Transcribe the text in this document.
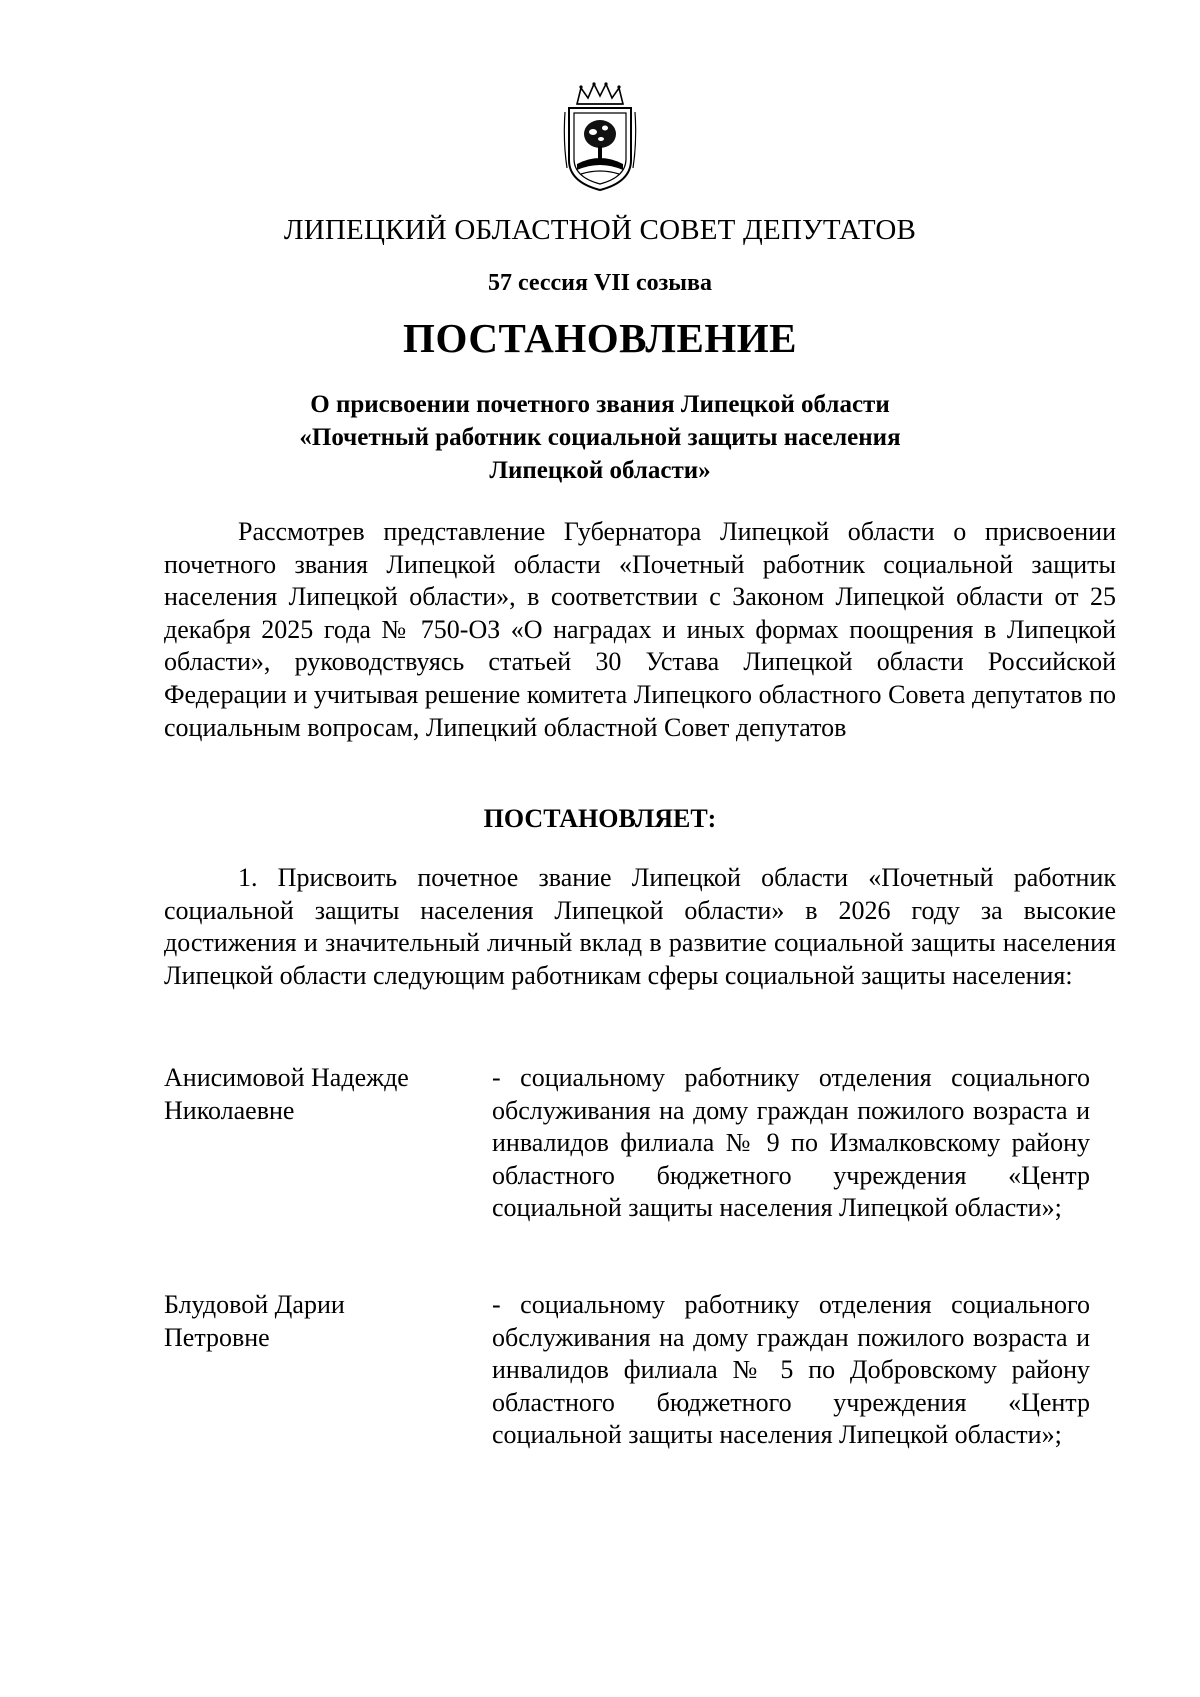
ЛИПЕЦКИЙ ОБЛАСТНОЙ СОВЕТ ДЕПУТАТОВ
57 сессия VII созыва
ПОСТАНОВЛЕНИЕ
О присвоении почетного звания Липецкой области
«Почетный работник социальной защиты населения
Липецкой области»
Рассмотрев представление Губернатора Липецкой области о присвоении почетного звания Липецкой области «Почетный работник социальной защиты населения Липецкой области», в соответствии с Законом Липецкой области от 25 декабря 2025 года № 750-ОЗ «О наградах и иных формах поощрения в Липецкой области», руководствуясь статьей 30 Устава Липецкой области Российской Федерации и учитывая решение комитета Липецкого областного Совета депутатов по социальным вопросам, Липецкий областной Совет депутатов
ПОСТАНОВЛЯЕТ:
1. Присвоить почетное звание Липецкой области «Почетный работник социальной защиты населения Липецкой области» в 2026 году за высокие достижения и значительный личный вклад в развитие социальной защиты населения Липецкой области следующим работникам сферы социальной защиты населения:
Анисимовой Надежде
Николаевне
- социальному работнику отделения социального обслуживания на дому граждан пожилого возраста и инвалидов филиала № 9 по Измалковскому району областного бюджетного учреждения «Центр социальной защиты населения Липецкой области»;
Блудовой Дарии
Петровне
- социальному работнику отделения социального обслуживания на дому граждан пожилого возраста и инвалидов филиала № 5 по Добровскому району областного бюджетного учреждения «Центр социальной защиты населения Липецкой области»;
